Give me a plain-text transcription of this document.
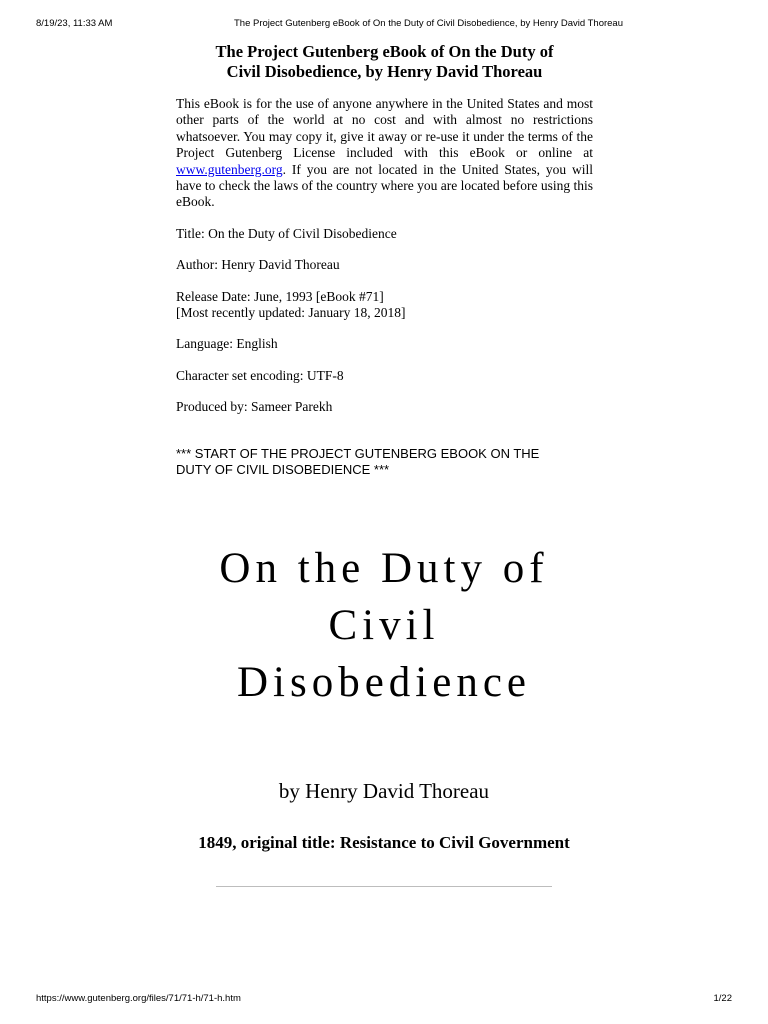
8/19/23, 11:33 AM	The Project Gutenberg eBook of On the Duty of Civil Disobedience, by Henry David Thoreau
The Project Gutenberg eBook of On the Duty of
Civil Disobedience, by Henry David Thoreau

This eBook is for the use of anyone anywhere in the United States and most other parts of the world at no cost and with almost no restrictions whatsoever. You may copy it, give it away or re-use it under the terms of the Project Gutenberg License included with this eBook or online at www.gutenberg.org. If you are not located in the United States, you will have to check the laws of the country where you are located before using this eBook.

Title: On the Duty of Civil Disobedience
Author: Henry David Thoreau
Release Date: June, 1993 [eBook #71]
[Most recently updated: January 18, 2018]
Language: English
Character set encoding: UTF-8
Produced by: Sameer Parekh
*** START OF THE PROJECT GUTENBERG EBOOK ON THE
DUTY OF CIVIL DISOBEDIENCE ***
On the Duty of
Civil
Disobedience
by Henry David Thoreau
1849, original title: Resistance to Civil Government
https://www.gutenberg.org/files/71/71-h/71-h.htm	1/22
